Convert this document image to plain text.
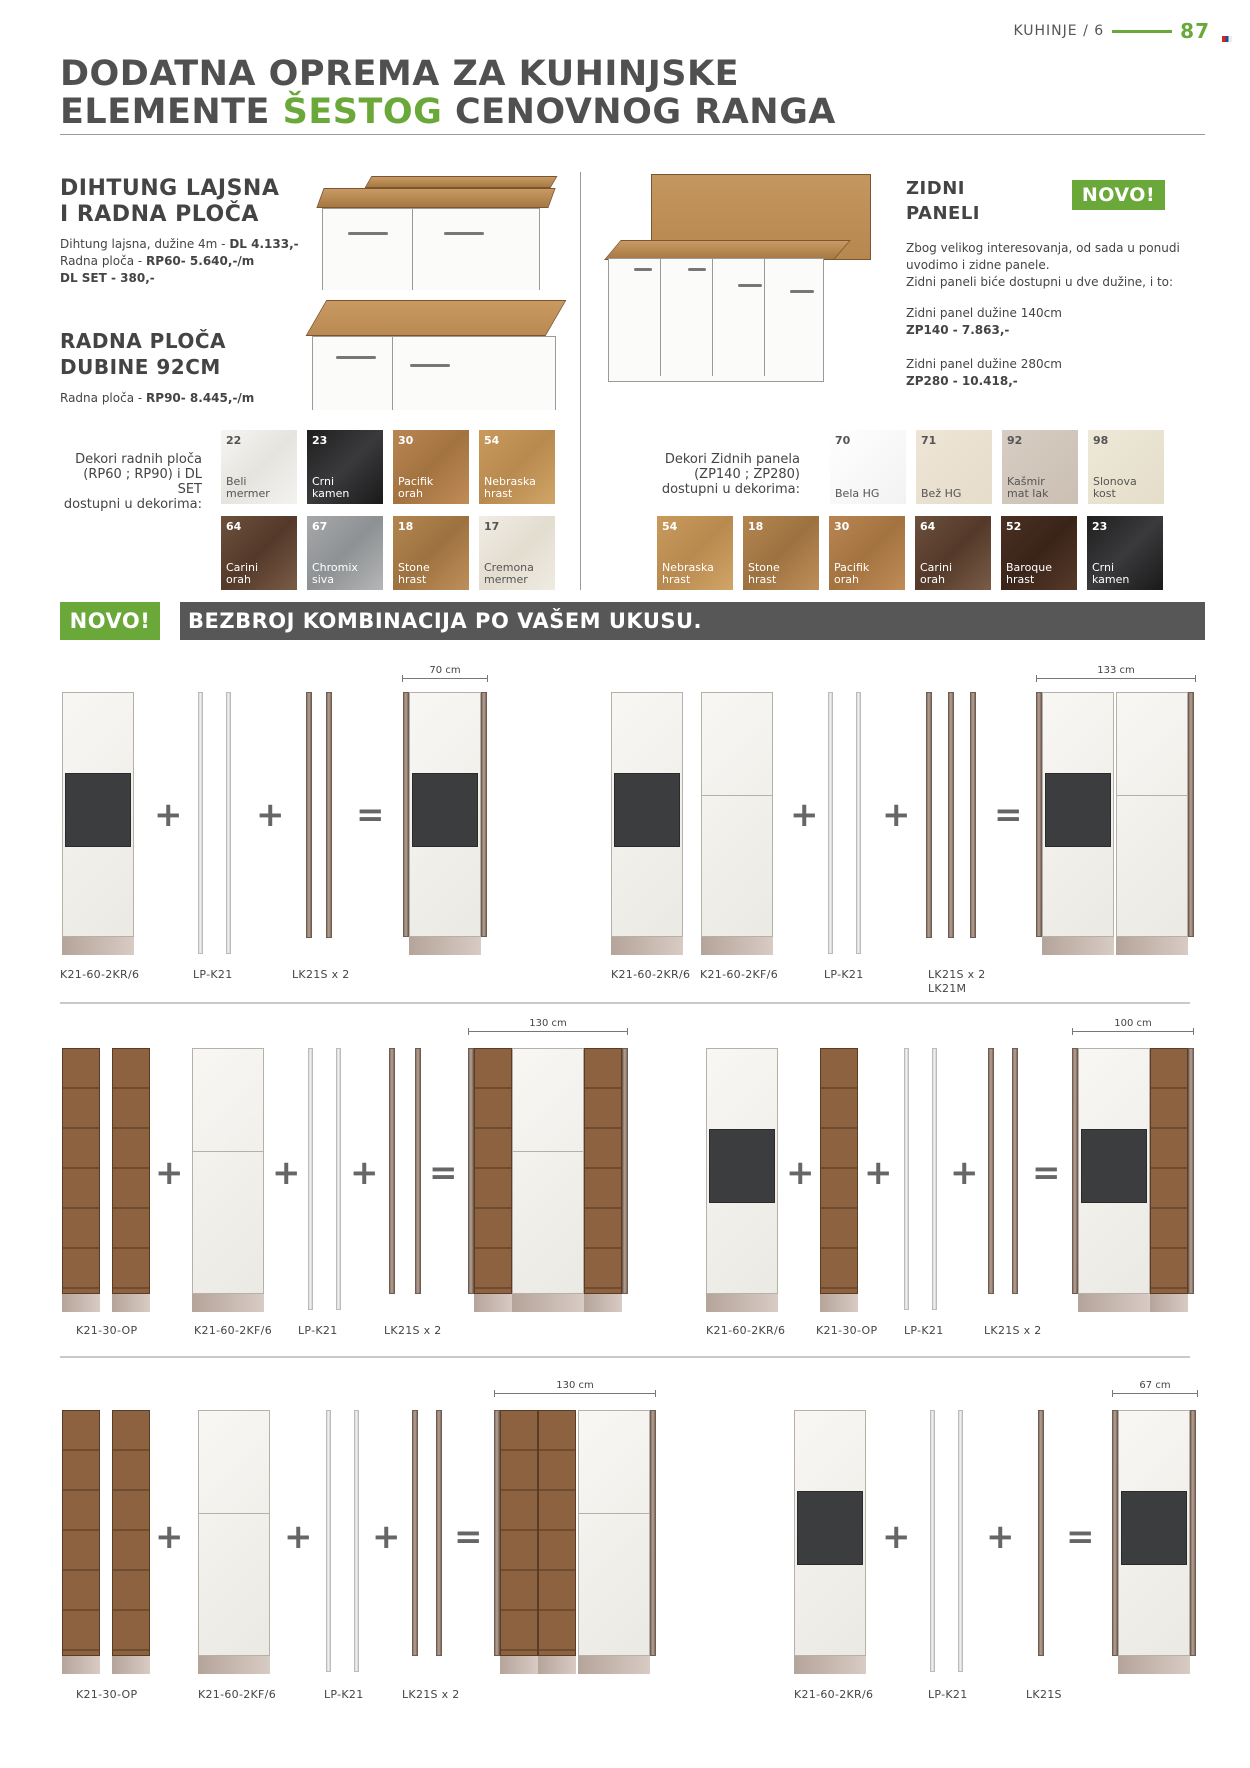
KUHINJE / 6	87
DODATNA OPREMA ZA KUHINJSKE
ELEMENTE ŠESTOG CENOVNOG RANGA
DIHTUNG LAJSNA
I RADNA PLOČA
Dihtung lajsna, dužine 4m - DL 4.133,-
Radna ploča - RP60- 5.640,-/m
DL SET - 380,-
RADNA PLOČA
DUBINE 92CM
Radna ploča - RP90- 8.445,-/m
ZIDNI
PANELI
Zbog velikog interesovanja, od sada u ponudi
uvodimo i zidne panele.
Zidni paneli biće dostupni u dve dužine, i to:
Zidni panel dužine 140cm
ZP140 - 7.863,-
Zidni panel dužine 280cm
ZP280 - 10.418,-
NOVO!
Dekori radnih ploča
(RP60 ; RP90) i DL SET
dostupni u dekorima:
22
Beli
mermer
23
Crni
kamen
30
Pacifik
orah
54
Nebraska
hrast
64
Carini
orah
67
Chromix
siva
18
Stone
hrast
17
Cremona
mermer
Dekori Zidnih panela
(ZP140 ; ZP280)
dostupni u dekorima:
70
Bela HG
71
Bež HG
92
Kašmir
mat lak
98
Slonova
kost
54
Nebraska
hrast
18
Stone
hrast
30
Pacifik
orah
64
Carini
orah
52
Baroque
hrast
23
Crni
kamen
NOVO!	BEZBROJ KOMBINACIJA PO VAŠEM UKUSU.
+ + =
70 cm
K21-60-2KR/6	LP-K21	LK21S x 2
+ + =
133 cm
K21-60-2KR/6 K21-60-2KF/6	LP-K21	LK21S x 2
LK21M
+	+ + =
130 cm
K21-30-OP	K21-60-2KF/6 LP-K21	LK21S x 2
+ + + =
100 cm
K21-60-2KR/6	K21-30-OP LP-K21	LK21S x 2
+	+ + =
130 cm
K21-30-OP	K21-60-2KF/6	LP-K21	LK21S x 2
+ + =
67 cm
K21-60-2KR/6	LP-K21	LK21S
